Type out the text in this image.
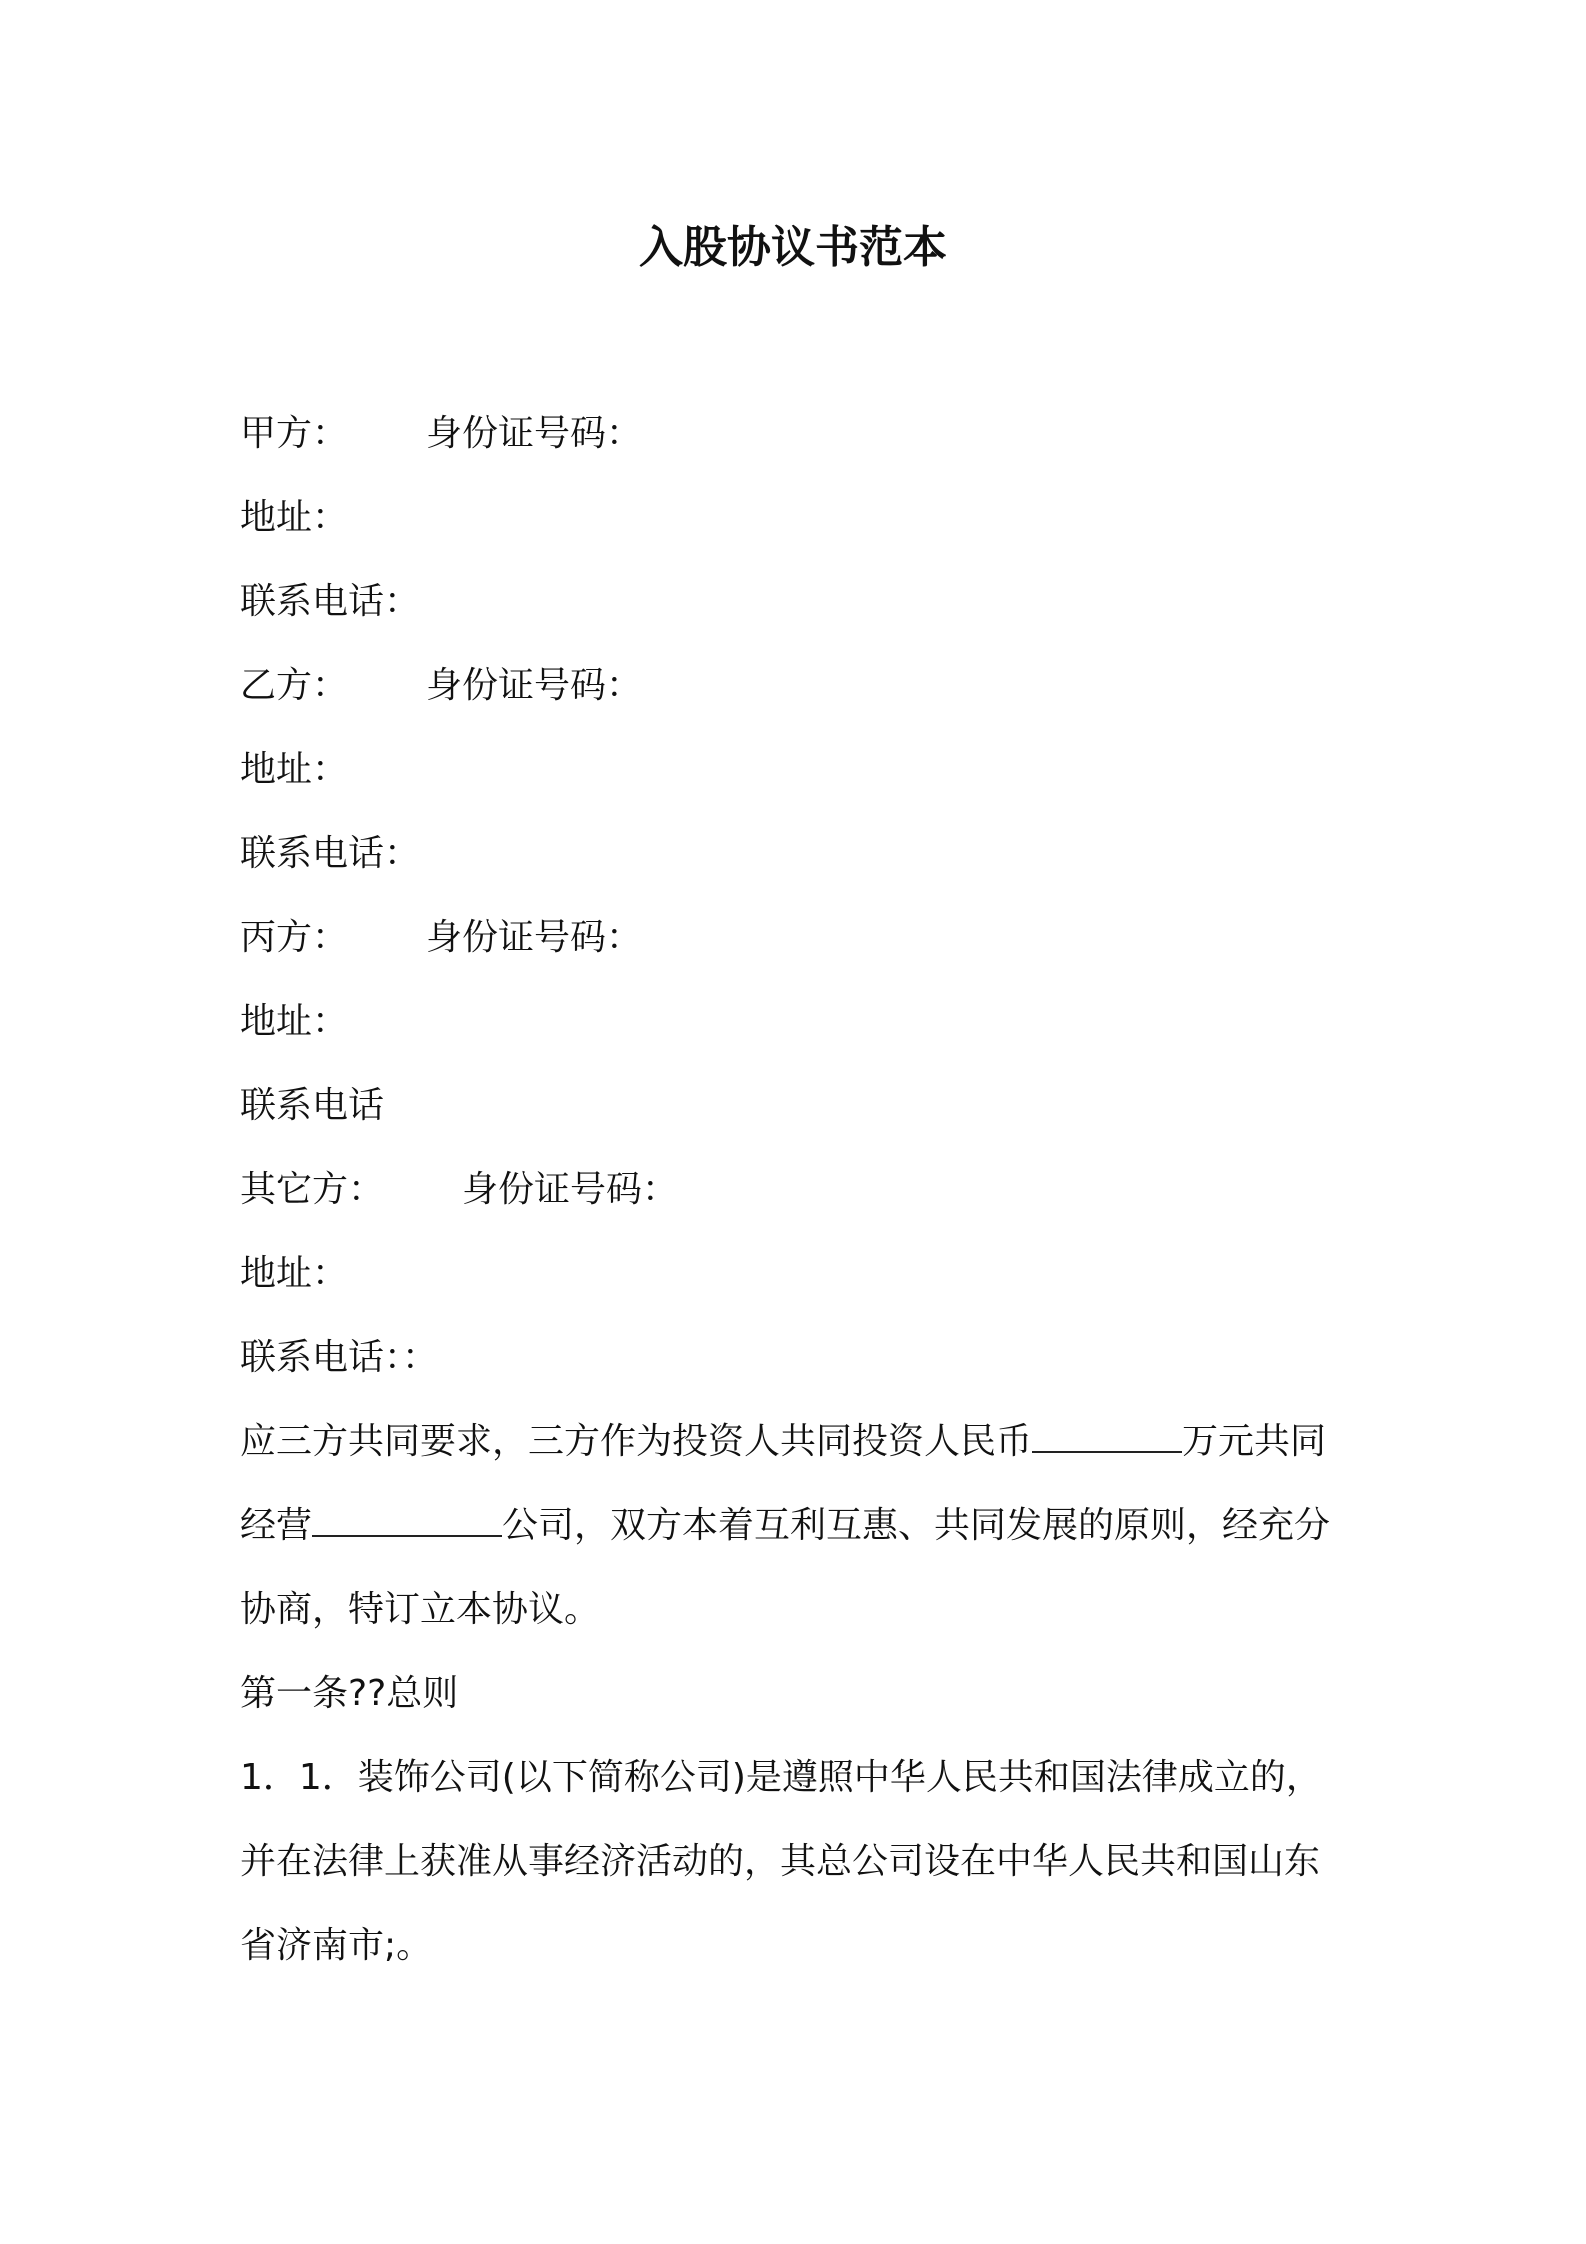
入股协议书范本

甲方： 身份证号码：

地址：

联系电话：

乙方： 身份证号码：

地址：

联系电话：

丙方： 身份证号码：

地址：

联系电话

其它方： 身份证号码：

地址：

联系电话：：

应三方共同要求，三方作为投资人共同投资人民币	万元共同

经营	公司，双方本着互利互惠、共同发展的原则，经充分

协商，特订立本协议。

第一条??总则

1．1．装饰公司(以下简称公司)是遵照中华人民共和国法律成立的，

并在法律上获准从事经济活动的，其总公司设在中华人民共和国山东

省济南市;。
